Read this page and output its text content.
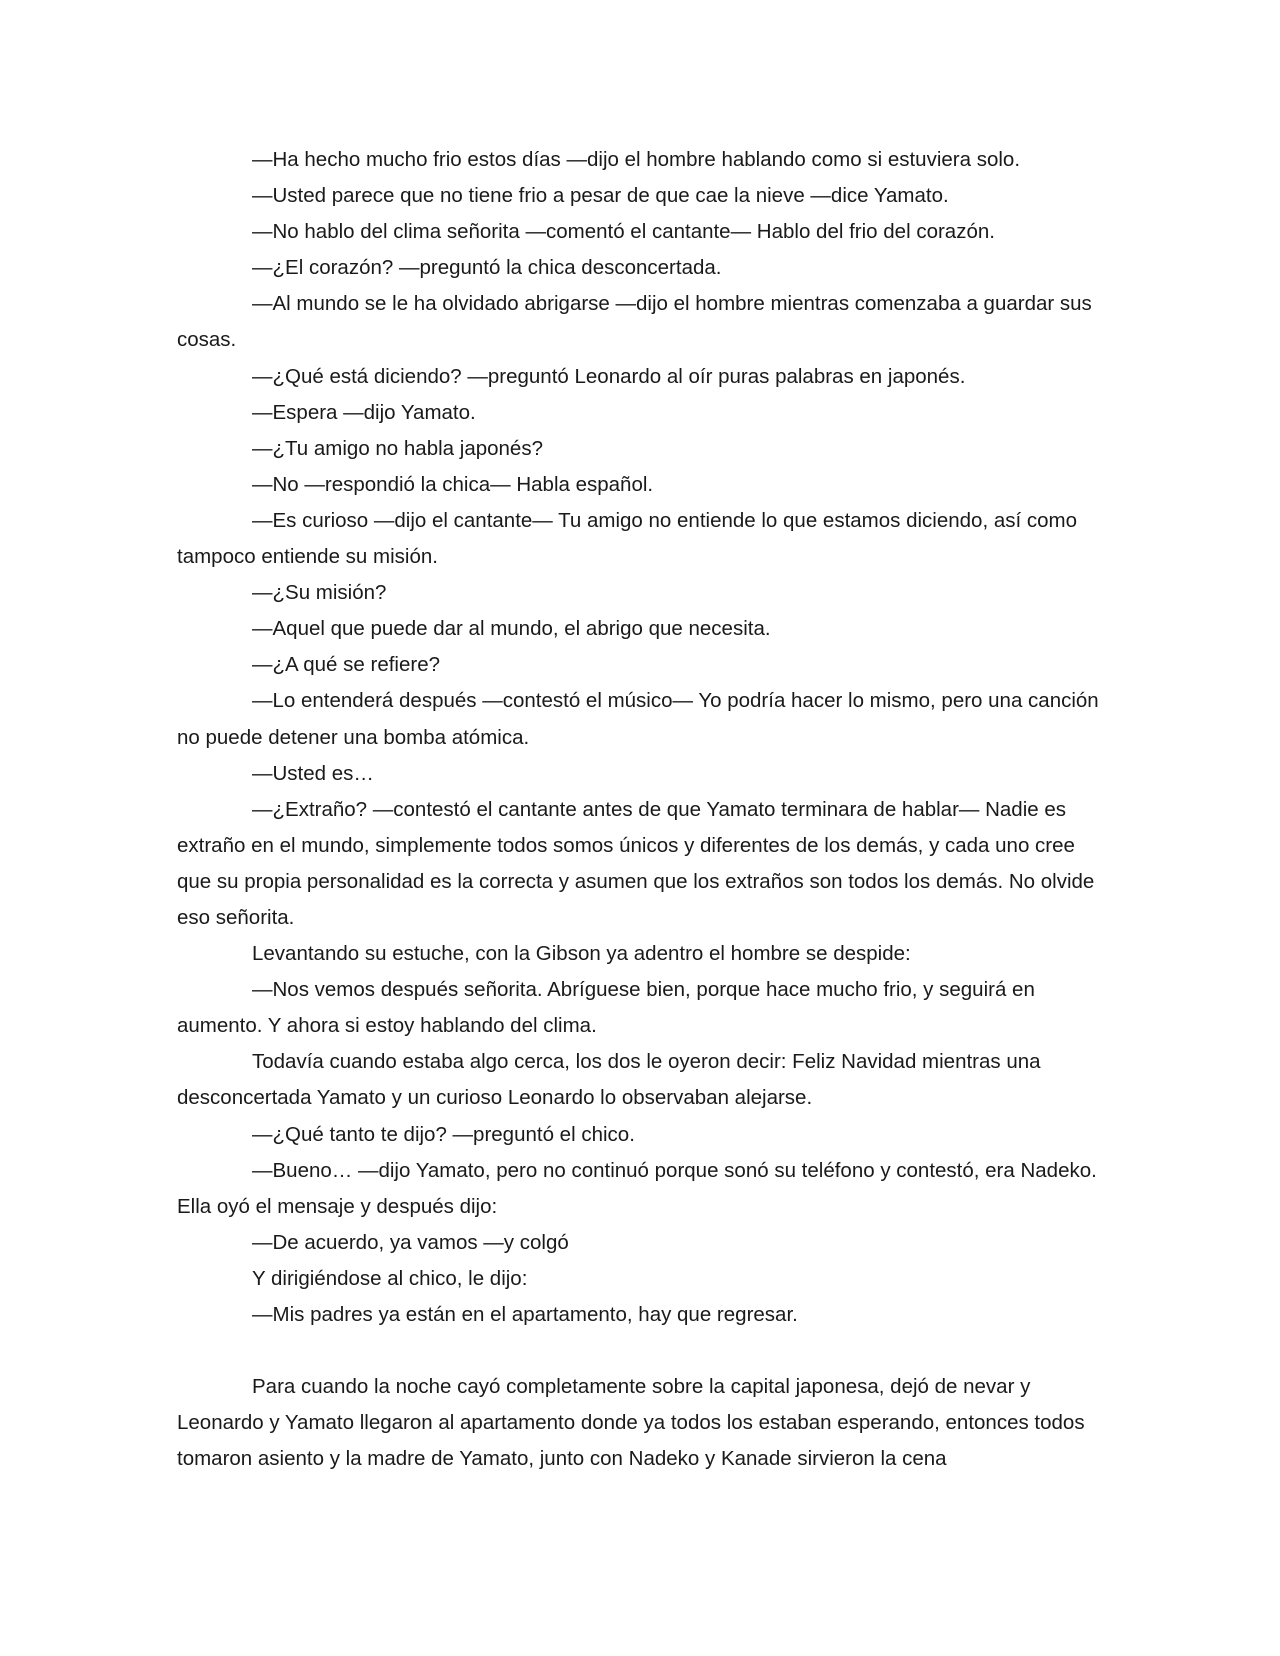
—Ha hecho mucho frio estos días —dijo el hombre hablando como si estuviera solo.

—Usted parece que no tiene frio a pesar de que cae la nieve —dice Yamato.

—No hablo del clima señorita —comentó el cantante— Hablo del frio del corazón.

—¿El corazón? —preguntó la chica desconcertada.

—Al mundo se le ha olvidado abrigarse —dijo el hombre mientras comenzaba a guardar sus cosas.

—¿Qué está diciendo? —preguntó Leonardo al oír puras palabras en japonés.

—Espera —dijo Yamato.

—¿Tu amigo no habla japonés?

—No —respondió la chica— Habla español.

—Es curioso —dijo el cantante— Tu amigo no entiende lo que estamos diciendo, así como tampoco entiende su misión.

—¿Su misión?

—Aquel que puede dar al mundo, el abrigo que necesita.

—¿A qué se refiere?

—Lo entenderá después —contestó el músico— Yo podría hacer lo mismo, pero una canción no puede detener una bomba atómica.

—Usted es…

—¿Extraño? —contestó el cantante antes de que Yamato terminara de hablar— Nadie es extraño en el mundo, simplemente todos somos únicos y diferentes de los demás, y cada uno cree que su propia personalidad es la correcta y asumen que los extraños son todos los demás. No olvide eso señorita.

Levantando su estuche, con la Gibson ya adentro el hombre se despide:

—Nos vemos después señorita. Abríguese bien, porque hace mucho frio, y seguirá en aumento. Y ahora si estoy hablando del clima.

Todavía cuando estaba algo cerca, los dos le oyeron decir: Feliz Navidad mientras una desconcertada Yamato y un curioso Leonardo lo observaban alejarse.

—¿Qué tanto te dijo? —preguntó el chico.

—Bueno… —dijo Yamato, pero no continuó porque sonó su teléfono y contestó, era Nadeko. Ella oyó el mensaje y después dijo:

—De acuerdo, ya vamos —y colgó

Y dirigiéndose al chico, le dijo:

—Mis padres ya están en el apartamento, hay que regresar.

Para cuando la noche cayó completamente sobre la capital japonesa, dejó de nevar y Leonardo y Yamato llegaron al apartamento donde ya todos los estaban esperando, entonces todos tomaron asiento y la madre de Yamato, junto con Nadeko y Kanade sirvieron la cena
